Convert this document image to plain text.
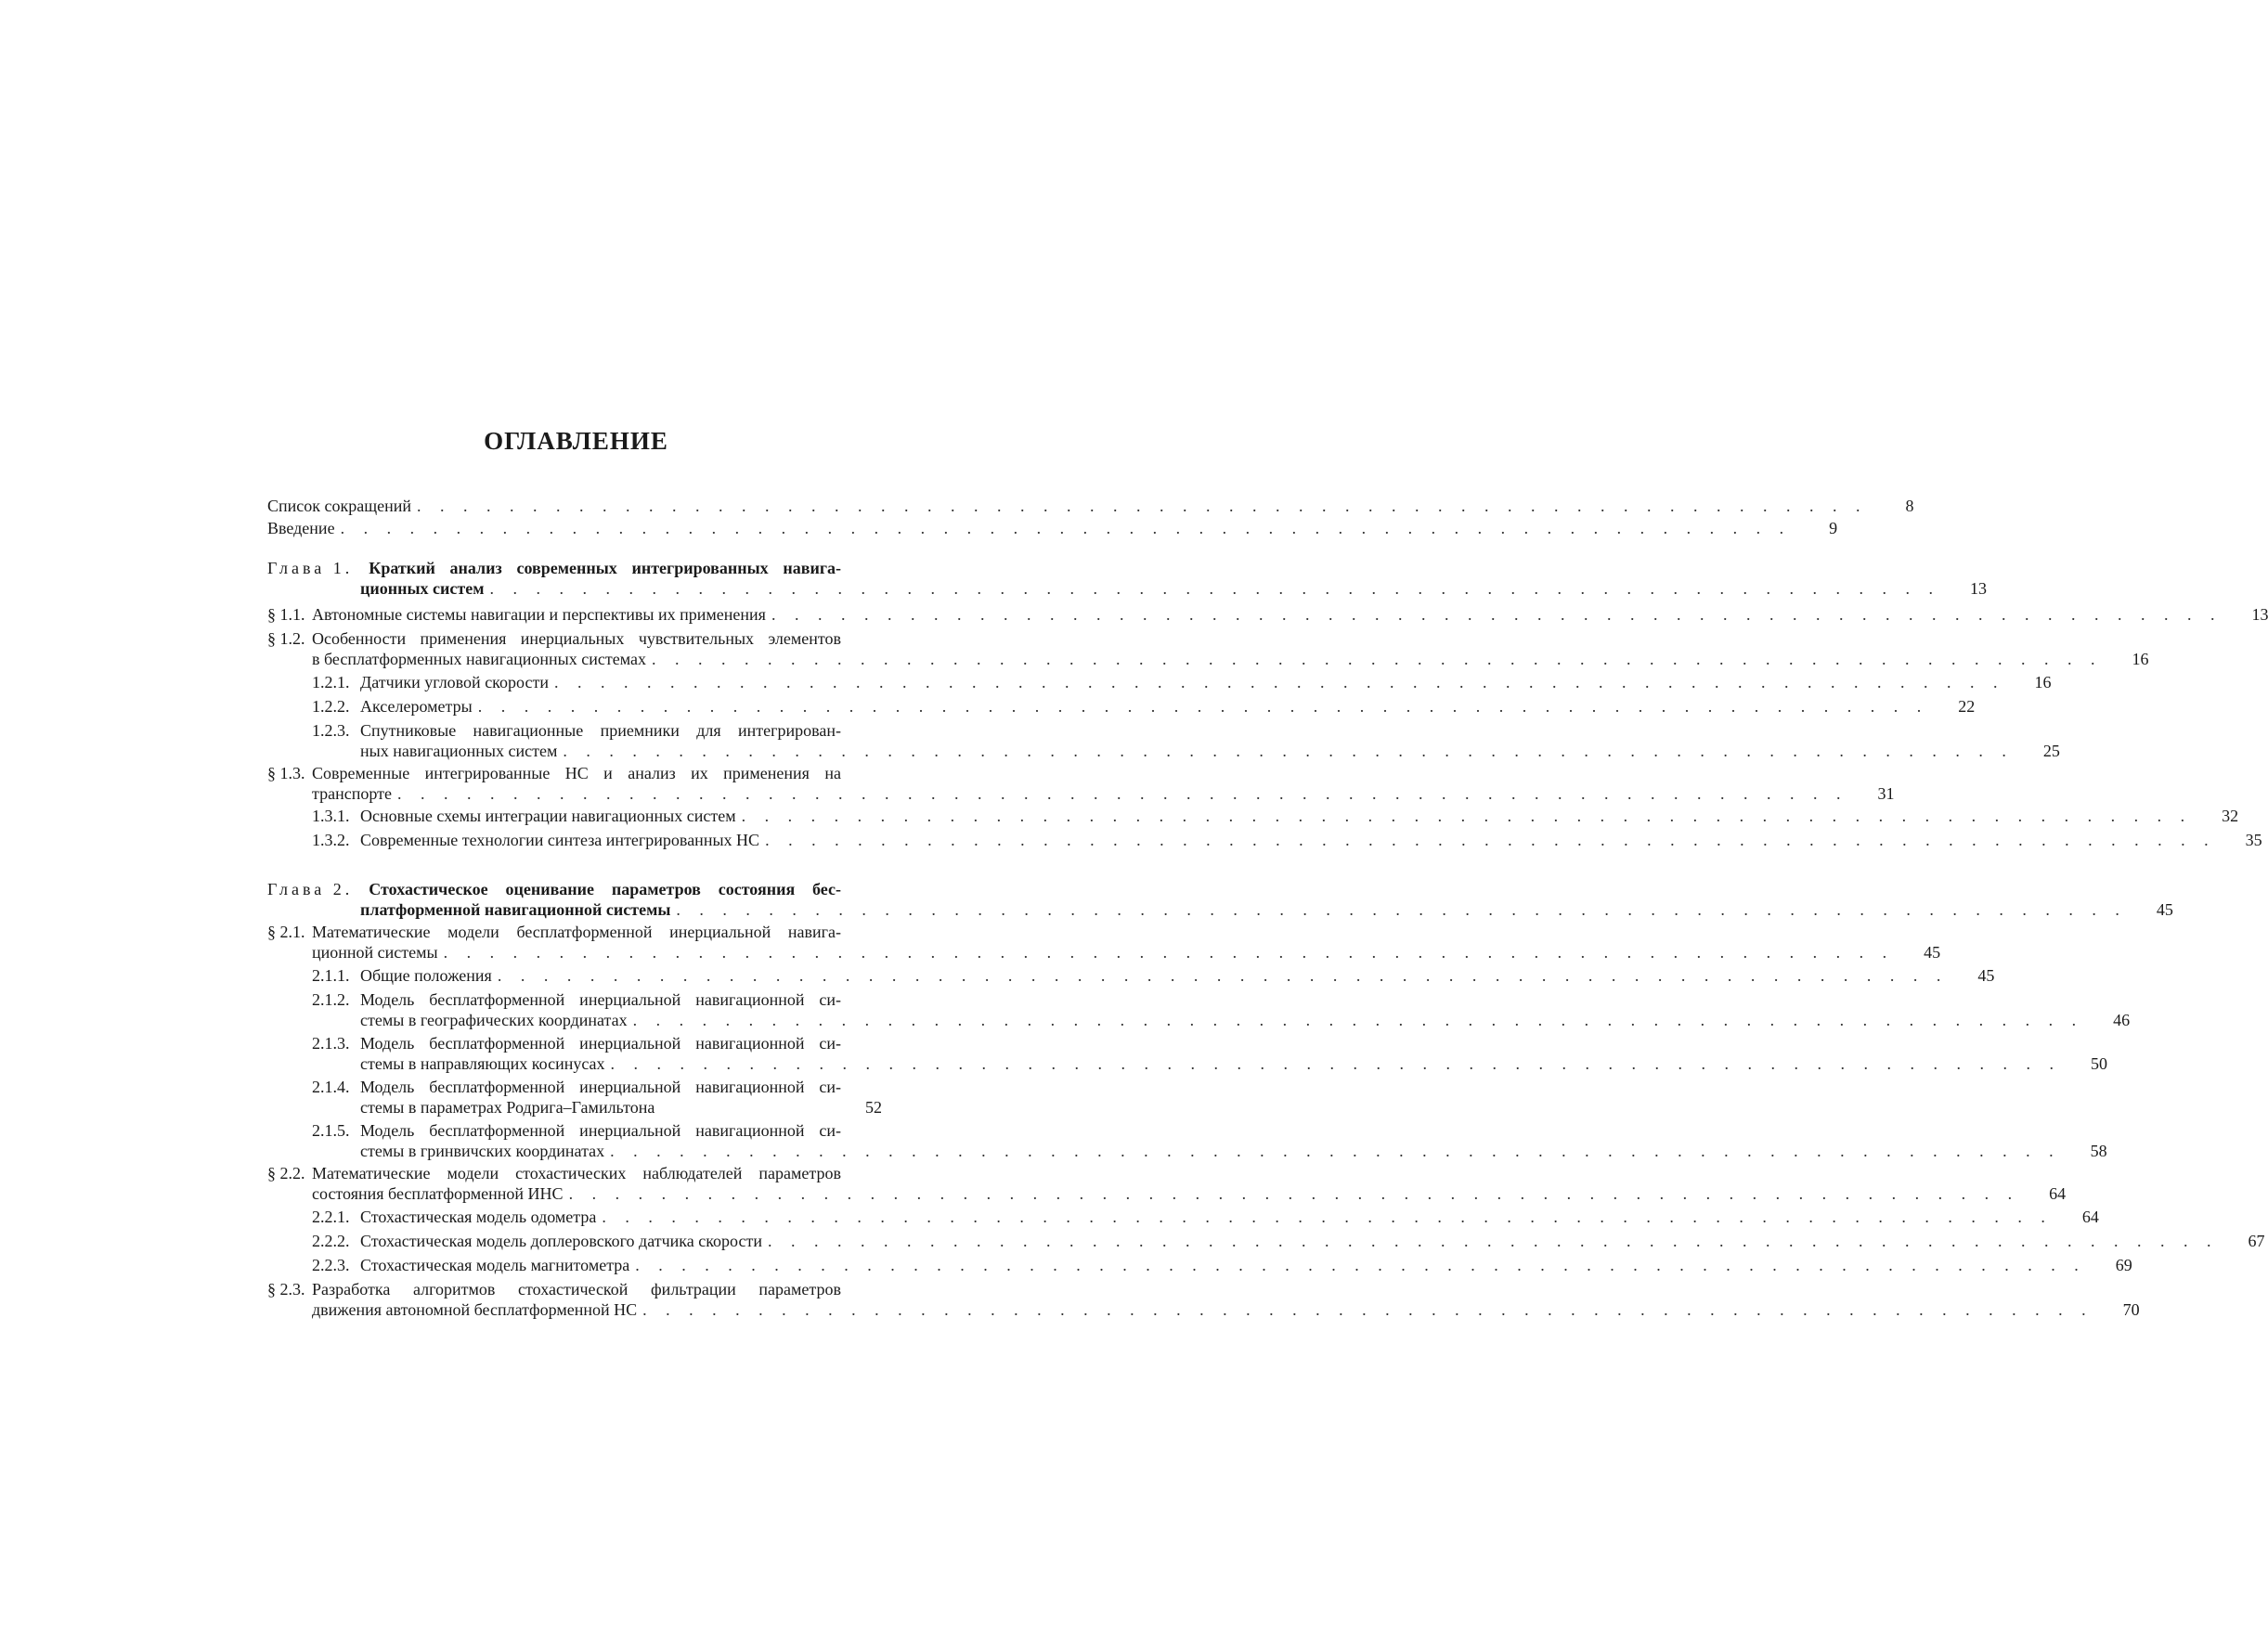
ОГЛАВЛЕНИЕ
Список сокращений . . . . . . . . . . . . . . . . . . . . . . . . . . . . . . . . . . . . . . . . . . . . . . . . . . . . . . . . . . . . . . .	8
Введение . . . . . . . . . . . . . . . . . . . . . . . . . . . . . . . . . . . . . . . . . . . . . . . . . . . . . . . . . . . . . . .	9
Глава 1. Краткий анализ современных интегрированных навига-
ционных систем . . . . . . . . . . . . . . . . . . . . . . . . . . . . . . . . . . . . . . . . . . . . . . . . . . . . . . . . . . . . . . .	13
§ 1.1. Автономные системы навигации и перспективы их применения . . . . . . . . . . . . . . . . . . . . . . . . . . . . . . . . . . . . . . . . . . . . . . . . . . . . . . . . . . . . . . .	13
§ 1.2. Особенности применения инерциальных чувствительных элементов
в бесплатформенных навигационных системах . . . . . . . . . . . . . . . . . . . . . . . . . . . . . . . . . . . . . . . . . . . . . . . . . . . . . . . . . . . . . . .	16
1.2.1. Датчики угловой скорости . . . . . . . . . . . . . . . . . . . . . . . . . . . . . . . . . . . . . . . . . . . . . . . . . . . . . . . . . . . . . . .	16
1.2.2. Акселерометры . . . . . . . . . . . . . . . . . . . . . . . . . . . . . . . . . . . . . . . . . . . . . . . . . . . . . . . . . . . . . . .	22
1.2.3. Спутниковые навигационные приемники для интегрирован-
ных навигационных систем . . . . . . . . . . . . . . . . . . . . . . . . . . . . . . . . . . . . . . . . . . . . . . . . . . . . . . . . . . . . . . .	25
§ 1.3. Современные интегрированные НС и анализ их применения на
транспорте . . . . . . . . . . . . . . . . . . . . . . . . . . . . . . . . . . . . . . . . . . . . . . . . . . . . . . . . . . . . . . .	31
1.3.1. Основные схемы интеграции навигационных систем . . . . . . . . . . . . . . . . . . . . . . . . . . . . . . . . . . . . . . . . . . . . . . . . . . . . . . . . . . . . . . .	32
1.3.2. Современные технологии синтеза интегрированных НС . . . . . . . . . . . . . . . . . . . . . . . . . . . . . . . . . . . . . . . . . . . . . . . . . . . . . . . . . . . . . . .	35
Глава 2. Стохастическое оценивание параметров состояния бес-
платформенной навигационной системы . . . . . . . . . . . . . . . . . . . . . . . . . . . . . . . . . . . . . . . . . . . . . . . . . . . . . . . . . . . . . . .	45
§ 2.1. Математические модели бесплатформенной инерциальной навига-
ционной системы . . . . . . . . . . . . . . . . . . . . . . . . . . . . . . . . . . . . . . . . . . . . . . . . . . . . . . . . . . . . . . .	45
2.1.1. Общие положения . . . . . . . . . . . . . . . . . . . . . . . . . . . . . . . . . . . . . . . . . . . . . . . . . . . . . . . . . . . . . . .	45
2.1.2. Модель бесплатформенной инерциальной навигационной си-
стемы в географических координатах . . . . . . . . . . . . . . . . . . . . . . . . . . . . . . . . . . . . . . . . . . . . . . . . . . . . . . . . . . . . . . .	46
2.1.3. Модель бесплатформенной инерциальной навигационной си-
стемы в направляющих косинусах . . . . . . . . . . . . . . . . . . . . . . . . . . . . . . . . . . . . . . . . . . . . . . . . . . . . . . . . . . . . . . .	50
2.1.4. Модель бесплатформенной инерциальной навигационной си-
стемы в параметрах Родрига–Гамильтона	52
2.1.5. Модель бесплатформенной инерциальной навигационной си-
стемы в гринвичских координатах . . . . . . . . . . . . . . . . . . . . . . . . . . . . . . . . . . . . . . . . . . . . . . . . . . . . . . . . . . . . . . .	58
§ 2.2. Математические модели стохастических наблюдателей параметров
состояния бесплатформенной ИНС . . . . . . . . . . . . . . . . . . . . . . . . . . . . . . . . . . . . . . . . . . . . . . . . . . . . . . . . . . . . . . .	64
2.2.1. Стохастическая модель одометра . . . . . . . . . . . . . . . . . . . . . . . . . . . . . . . . . . . . . . . . . . . . . . . . . . . . . . . . . . . . . . .	64
2.2.2. Стохастическая модель доплеровского датчика скорости . . . . . . . . . . . . . . . . . . . . . . . . . . . . . . . . . . . . . . . . . . . . . . . . . . . . . . . . . . . . . . .	67
2.2.3. Стохастическая модель магнитометра . . . . . . . . . . . . . . . . . . . . . . . . . . . . . . . . . . . . . . . . . . . . . . . . . . . . . . . . . . . . . . .	69
§ 2.3. Разработка алгоритмов стохастической фильтрации параметров
движения автономной бесплатформенной НС . . . . . . . . . . . . . . . . . . . . . . . . . . . . . . . . . . . . . . . . . . . . . . . . . . . . . . . . . . . . . . .	70
